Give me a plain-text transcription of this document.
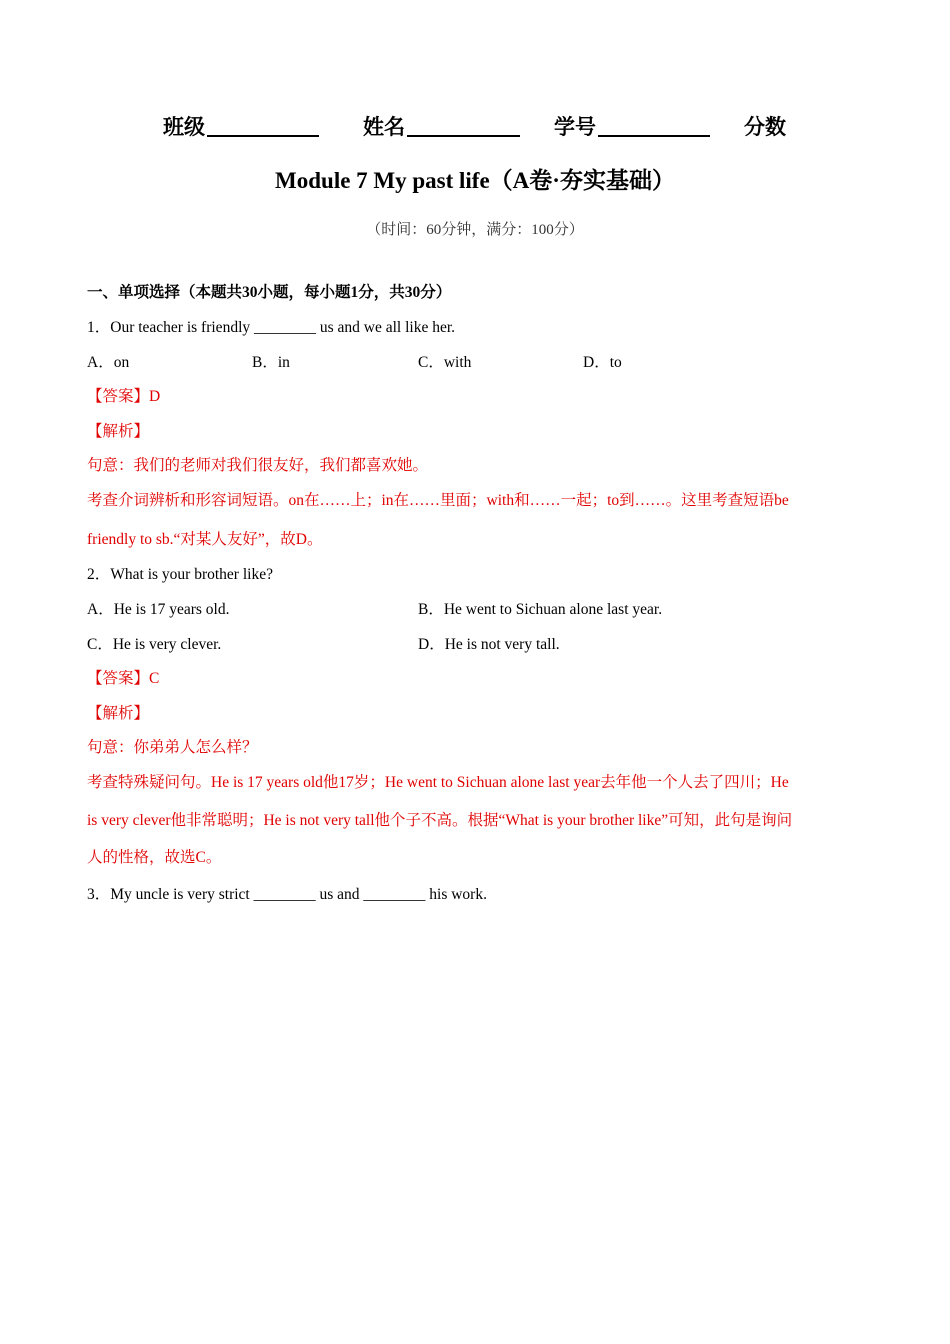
班级	姓名	学号	分数
Module 7 My past life（A卷·夯实基础）
（时间：60分钟，满分：100分）
一、单项选择（本题共30小题，每小题1分，共30分）
1．Our teacher is friendly ________ us and we all like her.
A．on	B．in	C．with	D．to
【答案】D
【解析】
句意：我们的老师对我们很友好，我们都喜欢她。
考查介词辨析和形容词短语。on在……上；in在……里面；with和……一起；to到……。这里考查短语be
friendly to sb.“对某人友好”，故D。
2．What is your brother like?
A．He is 17 years old.	B．He went to Sichuan alone last year.
C．He is very clever.	D．He is not very tall.
【答案】C
【解析】
句意：你弟弟人怎么样？
考查特殊疑问句。He is 17 years old他17岁；He went to Sichuan alone last year去年他一个人去了四川；He
is very clever他非常聪明；He is not very tall他个子不高。根据“What is your brother like”可知，此句是询问
人的性格，故选C。
3．My uncle is very strict ________ us and ________ his work.
